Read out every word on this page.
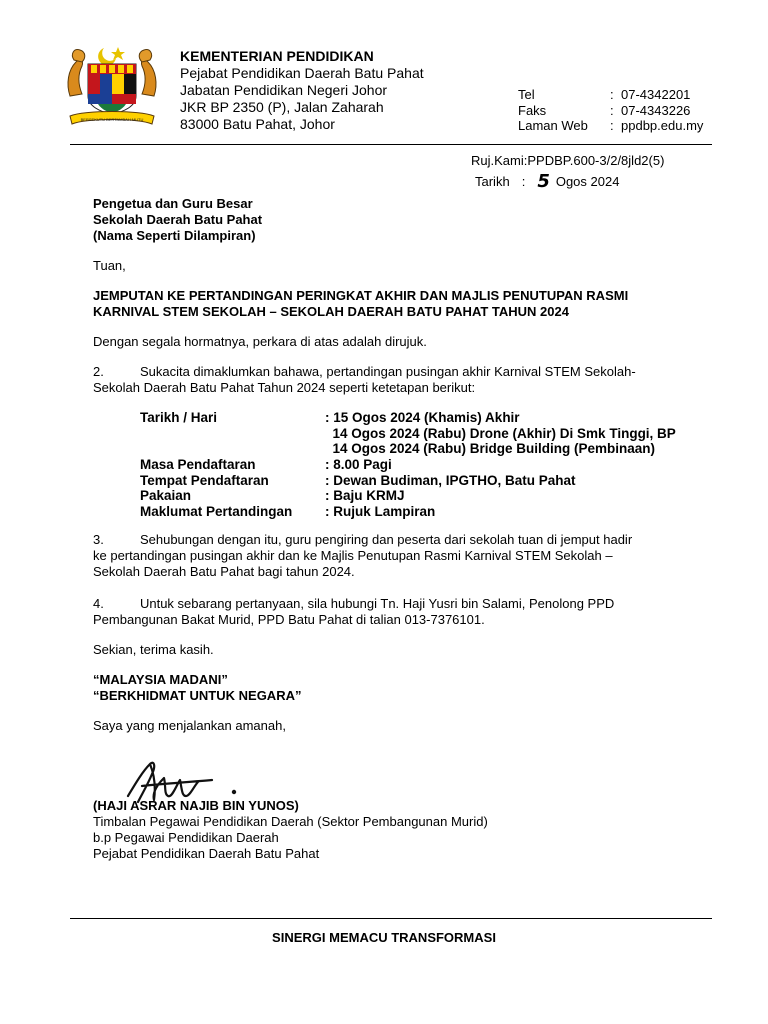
BERSEKUTU BERTAMBAH MUTU
KEMENTERIAN PENDIDIKAN
Pejabat Pendidikan Daerah Batu Pahat
Jabatan Pendidikan Negeri Johor
JKR BP 2350 (P), Jalan Zaharah
83000 Batu Pahat, Johor
Tel	: 07-4342201
Faks	: 07-4343226
Laman Web	: ppdbp.edu.my
Ruj.Kami:PPDBP.600-3/2/8jld2(5)
Tarikh : 5 Ogos 2024
Pengetua dan Guru Besar
Sekolah Daerah Batu Pahat
(Nama Seperti Dilampiran)
Tuan,
JEMPUTAN KE PERTANDINGAN PERINGKAT AKHIR DAN MAJLIS PENUTUPAN RASMI
KARNIVAL STEM SEKOLAH – SEKOLAH DAERAH BATU PAHAT TAHUN 2024
Dengan segala hormatnya, perkara di atas adalah dirujuk.
2.          Sukacita dimaklumkan bahawa, pertandingan pusingan akhir Karnival STEM Sekolah-
Sekolah Daerah Batu Pahat Tahun 2024 seperti ketetapan berikut:
Tarikh / Hari	: 15 Ogos 2024 (Khamis) Akhir
14 Ogos 2024 (Rabu) Drone (Akhir) Di Smk Tinggi, BP
14 Ogos 2024 (Rabu) Bridge Building (Pembinaan)
Masa Pendaftaran	: 8.00 Pagi
Tempat Pendaftaran	: Dewan Budiman, IPGTHO, Batu Pahat
Pakaian	: Baju KRMJ
Maklumat Pertandingan	: Rujuk Lampiran
3.          Sehubungan dengan itu, guru pengiring dan peserta dari sekolah tuan di jemput hadir
ke pertandingan pusingan akhir dan ke Majlis Penutupan Rasmi Karnival STEM Sekolah –
Sekolah Daerah Batu Pahat bagi tahun 2024.
4.          Untuk sebarang pertanyaan, sila hubungi Tn. Haji Yusri bin Salami, Penolong PPD
Pembangunan Bakat Murid, PPD Batu Pahat di talian 013-7376101.
Sekian, terima kasih.
“MALAYSIA MADANI”
“BERKHIDMAT UNTUK NEGARA”
Saya yang menjalankan amanah,
(HAJI ASRAR NAJIB BIN YUNOS)
Timbalan Pegawai Pendidikan Daerah (Sektor Pembangunan Murid)
b.p Pegawai Pendidikan Daerah
Pejabat Pendidikan Daerah Batu Pahat
SINERGI MEMACU TRANSFORMASI
